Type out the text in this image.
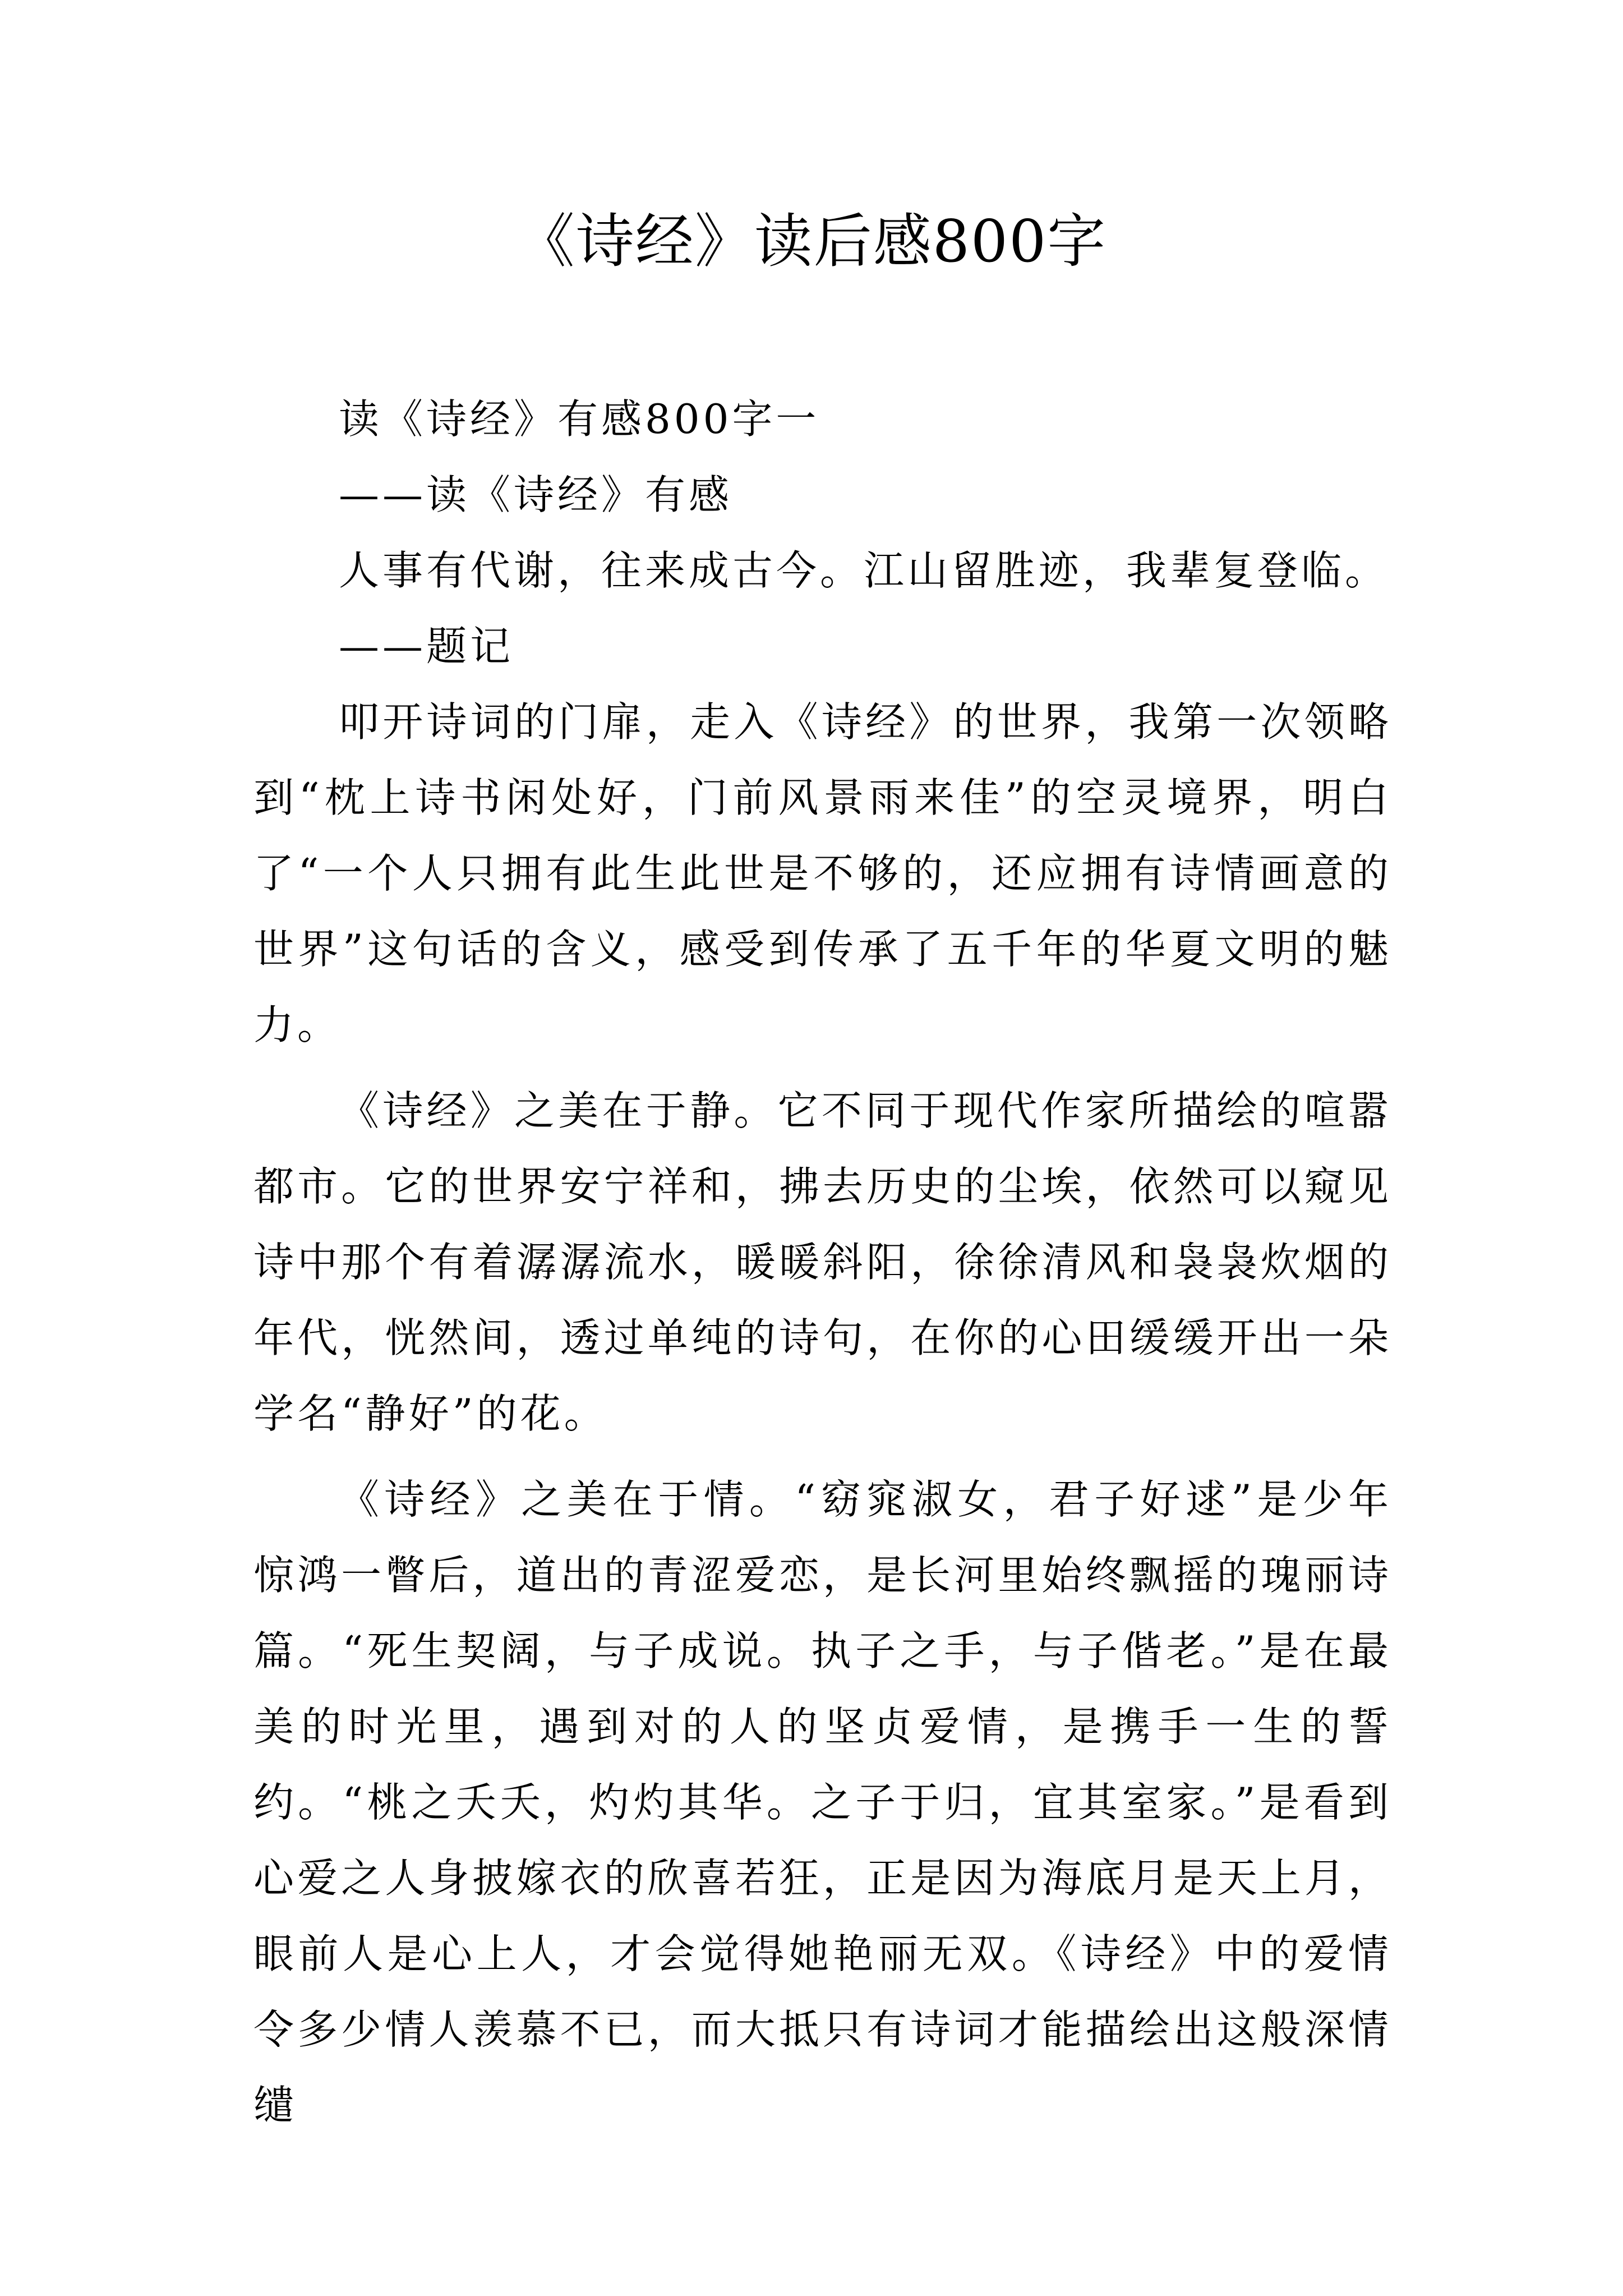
《诗经》读后感800字

读《诗经》有感800字一

——读《诗经》有感

人事有代谢，往来成古今。江山留胜迹，我辈复登临。

——题记

叩开诗词的门扉，走入《诗经》的世界，我第一次领略到“枕上诗书闲处好，门前风景雨来佳”的空灵境界，明白了“一个人只拥有此生此世是不够的，还应拥有诗情画意的世界”这句话的含义，感受到传承了五千年的华夏文明的魅力。

《诗经》之美在于静。它不同于现代作家所描绘的喧嚣都市。它的世界安宁祥和，拂去历史的尘埃，依然可以窥见诗中那个有着潺潺流水，暖暖斜阳，徐徐清风和袅袅炊烟的年代，恍然间，透过单纯的诗句，在你的心田缓缓开出一朵学名“静好”的花。

《诗经》之美在于情。“窈窕淑女，君子好逑”是少年惊鸿一瞥后，道出的青涩爱恋，是长河里始终飘摇的瑰丽诗篇。“死生契阔，与子成说。执子之手，与子偕老。”是在最美的时光里，遇到对的人的坚贞爱情，是携手一生的誓约。“桃之夭夭，灼灼其华。之子于归，宜其室家。”是看到心爱之人身披嫁衣的欣喜若狂，正是因为海底月是天上月，眼前人是心上人，才会觉得她艳丽无双。《诗经》中的爱情令多少情人羡慕不已，而大抵只有诗词才能描绘出这般深情缱
